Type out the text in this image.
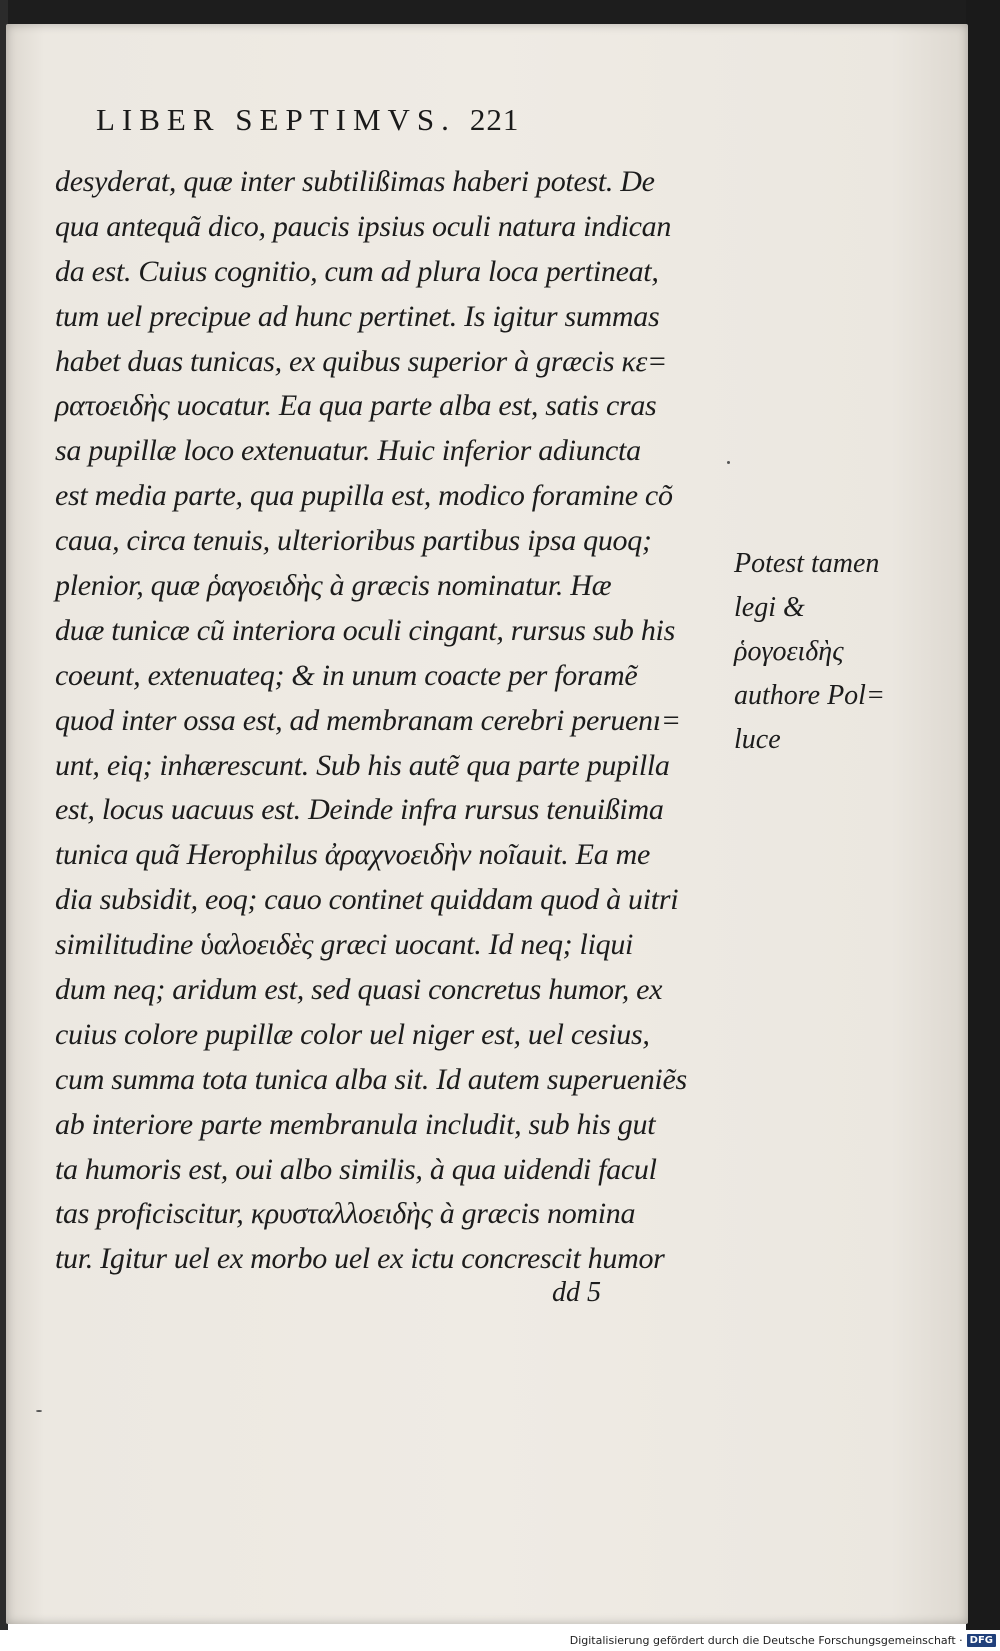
LIBER SEPTIMVS. 221
desyderat, quæ inter subtilißimas haberi potest. De
qua antequã dico, paucis ipsius oculi natura indican
da est. Cuius cognitio, cum ad plura loca pertineat,
tum uel precipue ad hunc pertinet. Is igitur summas
habet duas tunicas, ex quibus superior à græcis κε=
ρατοειδὴς uocatur. Ea qua parte alba est, satis cras
sa pupillæ loco extenuatur. Huic inferior adiuncta
est media parte, qua pupilla est, modico foramine cõ
caua, circa tenuis, ulterioribus partibus ipsa quoq;
plenior, quæ ῥαγοειδὴς à græcis nominatur. Hæ
duæ tunicæ cũ interiora oculi cingant, rursus sub his
coeunt, extenuateq; & in unum coacte per foramẽ
quod inter ossa est, ad membranam cerebri peruenı=
unt, eiq; inhærescunt. Sub his autẽ qua parte pupilla
est, locus uacuus est. Deinde infra rursus tenuißima
tunica quã Herophilus ἀραχνοειδὴν noĩauit. Ea me
dia subsidit, eoq; cauo continet quiddam quod à uitri
similitudine ὑαλοειδὲς græci uocant. Id neq; liqui
dum neq; aridum est, sed quasi concretus humor, ex
cuius colore pupillæ color uel niger est, uel cesius,
cum summa tota tunica alba sit. Id autem superueniẽs
ab interiore parte membranula includit, sub his gut
ta humoris est, oui albo similis, à qua uidendi facul
tas proficiscitur, κρυσταλλοειδὴς à græcis nomina
tur. Igitur uel ex morbo uel ex ictu concrescit humor
Potest tamen
legi &
ῥογοειδὴς
authore Pol=
luce
dd 5
Digitalisierung gefördert durch die Deutsche Forschungsgemeinschaft · DFG
